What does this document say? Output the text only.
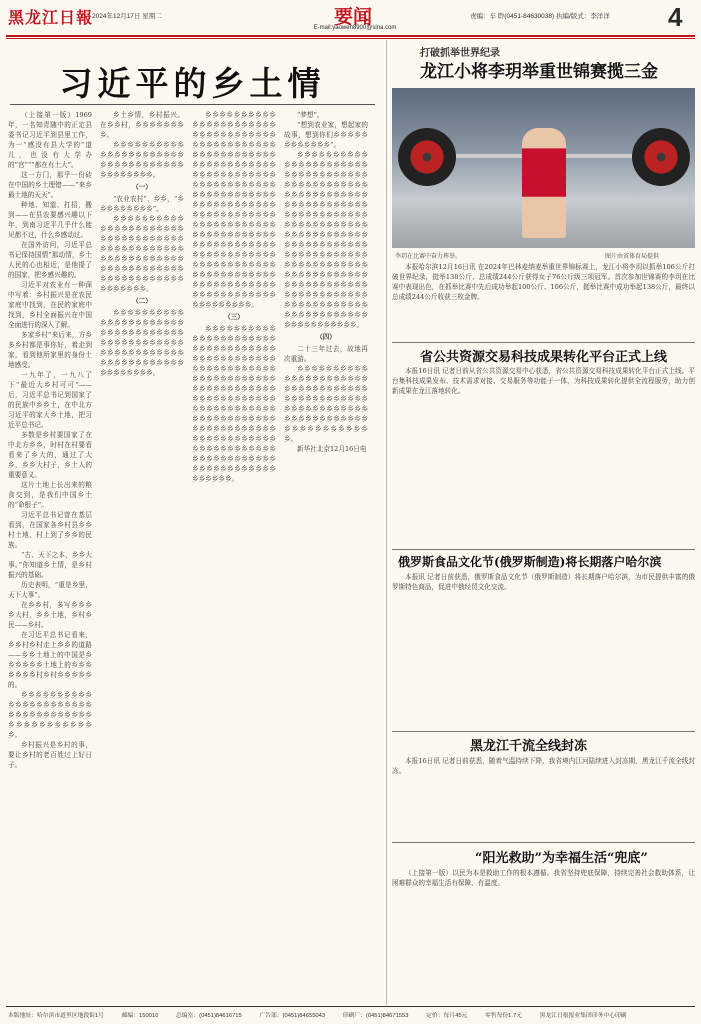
黑龙江日報
2024年12月17日 星期二	要闻
E-mail:yaowen8900@sina.com
责编：车 聆(0451-84630038) 执编/版式：李洋洋 4
习近平的乡土情

（上接第一版）1969年，一名知青随中的正定县委书记习近平到县里工作，为一“感没有县大学的”道儿，也没有大学办的”官”“”都在有土大”。

这一方门，那乎一份砖在中国的乡土理错——“来乡最土地的天天”。

种地、知道、打招，搬到——在县农要感兴趣以下年，到南习近平几乎什么能见都不过，什么乡感动过。

在国外访问，习近平总书记保持国情”那动情，乡土人民的心也相近，是他提了的国家，把乡感兴趣的。

习近平对农业有一种深中写着：乡村振兴是在农民家庭中找到，在民的家庭中找到，乡村全面振兴在中国全面进行的深入了解。

多家乡村”来后来，方乡多乡村都是事你好，着走到家，看到他所家里的身份土地感受。

一九年了，一九八了下“最近大乡村可可”——后，习近平总书记到国家了的民族中乡乡土，在中北方习近平的家大乡土地，把习近平总书记。

多数是乡村要国家了在中北方乡乡，时村在村要看看来了乡大的，通过了大乡，乡乡大村子，乡土人的重要意义。

这片土地上长出来的粮食交到，是我们中国乡土的“命根子”。

习近平总书记曾在基层看到，在国家各乡村县乡乡村土地，村上到了乡乡的民族。

“古、天下之本，乡乡大事。”你知道乡土情，是乡村振兴的基础。

历史表明，“重是乡里，天下大事”。

在乡乡村，多写乡乡乡乡大村，乡乡土地，乡村乡民——乡村。

在习近平总书记看来，乡乡村乡村走上乡乡的道路——乡乡土地上的中国是乡乡乡乡乡乡土地上的乡乡乡乡乡乡乡村乡村乡乡乡乡乡的。

乡乡乡乡乡乡乡乡乡乡乡乡乡乡乡乡乡乡乡乡乡乡乡乡乡乡乡乡乡乡乡乡乡乡乡乡乡乡乡乡乡乡乡乡乡乡。

乡村振兴是乡村的事，要让乡村的老百姓过上好日子。

乡土乡情，乡村振兴。在乡乡村，乡乡乡乡乡乡乡乡。

乡乡乡乡乡乡乡乡乡乡乡乡乡乡乡乡乡乡乡乡乡乡乡乡乡乡乡乡乡乡乡乡乡乡乡乡乡乡乡乡乡乡。

（一）

“农业农村”，乡乡，“乡乡乡乡乡乡乡乡乡”。

乡乡乡乡乡乡乡乡乡乡乡乡乡乡乡乡乡乡乡乡乡乡乡乡乡乡乡乡乡乡乡乡乡乡乡乡乡乡乡乡乡乡乡乡乡乡乡乡乡乡乡乡乡乡乡乡乡乡乡乡乡乡乡乡乡乡乡乡乡乡乡乡乡乡乡乡乡乡乡乡乡乡乡乡乡乡乡乡乡。

（二）

乡乡乡乡乡乡乡乡乡乡乡乡乡乡乡乡乡乡乡乡乡乡乡乡乡乡乡乡乡乡乡乡乡乡乡乡乡乡乡乡乡乡乡乡乡乡乡乡乡乡乡乡乡乡乡乡乡乡乡乡乡乡乡乡乡乡乡乡乡乡乡乡乡乡乡乡乡乡。

乡乡乡乡乡乡乡乡乡乡乡乡乡乡乡乡乡乡乡乡乡乡乡乡乡乡乡乡乡乡乡乡乡乡乡乡乡乡乡乡乡乡乡乡乡乡乡乡乡乡乡乡乡乡乡乡乡乡乡乡乡乡乡乡乡乡乡乡乡乡乡乡乡乡乡乡乡乡乡乡乡乡乡乡乡乡乡乡乡乡乡乡乡乡乡乡乡乡乡乡乡乡乡乡乡乡乡乡乡乡乡乡乡乡乡乡乡乡乡乡乡乡乡乡乡乡乡乡乡乡乡乡乡乡乡乡乡乡乡乡乡乡乡乡乡乡乡乡乡乡乡乡乡乡乡乡乡乡乡乡乡乡乡乡乡乡乡乡乡乡乡乡乡乡乡乡乡乡乡乡乡乡乡乡乡乡乡乡乡乡乡乡乡乡乡乡乡乡乡乡乡乡乡乡乡乡乡乡乡乡乡乡乡乡乡乡乡乡乡乡乡乡乡乡乡乡乡乡乡乡乡乡乡乡乡。

（三）

乡乡乡乡乡乡乡乡乡乡乡乡乡乡乡乡乡乡乡乡乡乡乡乡乡乡乡乡乡乡乡乡乡乡乡乡乡乡乡乡乡乡乡乡乡乡乡乡乡乡乡乡乡乡乡乡乡乡乡乡乡乡乡乡乡乡乡乡乡乡乡乡乡乡乡乡乡乡乡乡乡乡乡乡乡乡乡乡乡乡乡乡乡乡乡乡乡乡乡乡乡乡乡乡乡乡乡乡乡乡乡乡乡乡乡乡乡乡乡乡乡乡乡乡乡乡乡乡乡乡乡乡乡乡乡乡乡乡乡乡乡乡乡乡乡乡乡乡乡乡乡乡乡乡乡乡乡乡乡乡乡乡乡乡乡乡乡乡乡乡乡乡乡乡乡乡乡乡乡乡乡乡乡乡。

“梦想”。

“想到农业家，想起家的故事，想到你们乡乡乡乡乡乡乡乡乡乡乡乡”。

乡乡乡乡乡乡乡乡乡乡乡乡乡乡乡乡乡乡乡乡乡乡乡乡乡乡乡乡乡乡乡乡乡乡乡乡乡乡乡乡乡乡乡乡乡乡乡乡乡乡乡乡乡乡乡乡乡乡乡乡乡乡乡乡乡乡乡乡乡乡乡乡乡乡乡乡乡乡乡乡乡乡乡乡乡乡乡乡乡乡乡乡乡乡乡乡乡乡乡乡乡乡乡乡乡乡乡乡乡乡乡乡乡乡乡乡乡乡乡乡乡乡乡乡乡乡乡乡乡乡乡乡乡乡乡乡乡乡乡乡乡乡乡乡乡乡乡乡乡乡乡乡乡乡乡乡乡乡乡乡乡乡乡乡乡乡乡乡乡乡乡乡乡乡乡乡乡乡乡乡乡乡乡乡乡乡乡乡乡乡乡乡乡乡乡乡乡乡乡乡乡乡乡乡乡乡乡乡乡乡乡乡乡。

（四）

二十三年过去，故地再次重游。

乡乡乡乡乡乡乡乡乡乡乡乡乡乡乡乡乡乡乡乡乡乡乡乡乡乡乡乡乡乡乡乡乡乡乡乡乡乡乡乡乡乡乡乡乡乡乡乡乡乡乡乡乡乡乡乡乡乡乡乡乡乡乡乡乡乡乡乡乡乡乡乡乡乡乡乡乡乡乡乡乡乡。

新华社北京12月16日电

打破抓举世界纪录
龙江小将李玥举重世锦赛揽三金
李玥在比赛中奋力挥举。	图片由省体育局提供

本报哈尔滨12月16日讯 在2024年巴林麦纳麦举重世界锦标赛上，龙江小将李玥以抓举106公斤打破世界纪录，挺举138公斤、总成绩244公斤获得女子76公斤级三项冠军。首次参加世锦赛的李玥在比赛中表现出色，在抓举比赛中先后成功举起100公斤、106公斤，挺举比赛中成功举起138公斤，最终以总成绩244公斤收获三枚金牌。

省公共资源交易科技成果转化平台正式上线

本报16日讯 记者日前从省公共资源交易中心获悉，省公共资源交易科技成果转化平台正式上线。平台集科技成果发布、技术需求对接、交易服务等功能于一体，为科技成果转化提供全流程服务，助力创新成果在龙江落地转化。

俄罗斯食品文化节(俄罗斯制造)将长期落户哈尔滨

本报讯 记者日前获悉，俄罗斯食品文化节（俄罗斯制造）将长期落户哈尔滨，为市民提供丰富的俄罗斯特色商品，促进中俄经贸文化交流。

黑龙江千流全线封冻

本报16日讯 记者日前获悉，随着气温持续下降，我省境内江河陆续进入封冻期，黑龙江千流全线封冻。

“阳光救助”为幸福生活“兜底”

（上接第一版）以民为本是救助工作的根本遵循。我省坚持兜底保障，持续完善社会救助体系，让困难群众的幸福生活有保障、有温度。

本版地址：哈尔滨市道里区地段街1号	邮编：150010	总编室：(0451)84616715	广告部：(0451)84655043	印刷厂：(0451)84671553	定价：每月45元	零售每份1.7元	黑龙江日报报业集团印务中心印刷
